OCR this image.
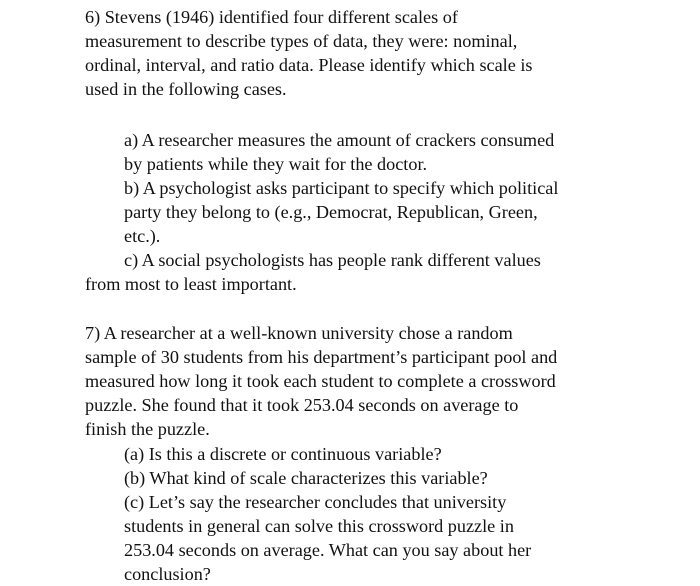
6) Stevens (1946) identified four different scales of
measurement to describe types of data, they were: nominal,
ordinal, interval, and ratio data. Please identify which scale is
used in the following cases.

a) A researcher measures the amount of crackers consumed
by patients while they wait for the doctor.

b) A psychologist asks participant to specify which political
party they belong to (e.g., Democrat, Republican, Green,
etc.).

c) A social psychologists has people rank different values

from most to least important.

7) A researcher at a well-known university chose a random
sample of 30 students from his department’s participant pool and
measured how long it took each student to complete a crossword
puzzle. She found that it took 253.04 seconds on average to
finish the puzzle.

(a) Is this a discrete or continuous variable?

(b) What kind of scale characterizes this variable?

(c) Let’s say the researcher concludes that university
students in general can solve this crossword puzzle in
253.04 seconds on average. What can you say about her
conclusion?
